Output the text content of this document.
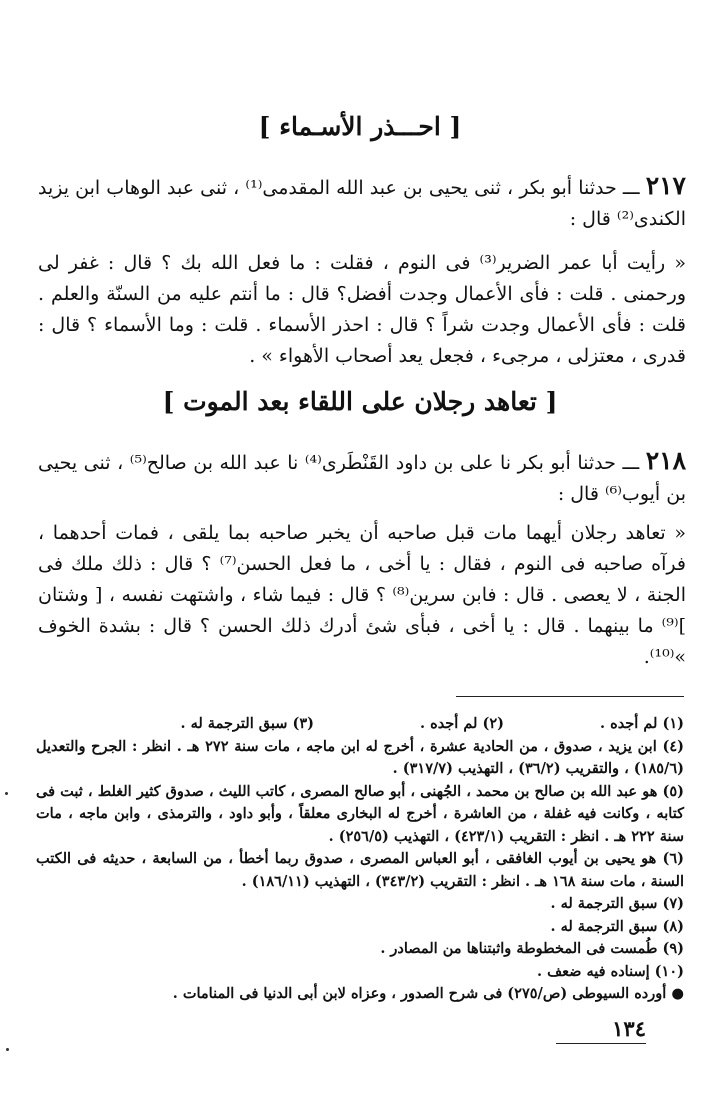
[ احـــذر الأسـماء ]
٢١٧ ـــ حدثنا أبو بكر ، ثنى يحيى بن عبد الله المقدمى⁽¹⁾ ، ثنى عبد الوهاب ابن يزيد الكندى⁽²⁾ قال :
« رأيت أبا عمر الضرير⁽³⁾ فى النوم ، فقلت : ما فعل الله بك ؟ قال : غفر لى ورحمنى . قلت : فأى الأعمال وجدت أفضل؟ قال : ما أنتم عليه من السنّة والعلم . قلت : فأى الأعمال وجدت شراً ؟ قال : احذر الأسماء . قلت : وما الأسماء ؟ قال : قدرى ، معتزلى ، مرجىء ، فجعل يعد أصحاب الأهواء » .
[ تعاهد رجلان على اللقاء بعد الموت ]
٢١٨ ـــ حدثنا أبو بكر نا على بن داود القَنْطَرى⁽⁴⁾ نا عبد الله بن صالح⁽⁵⁾ ، ثنى يحيى بن أيوب⁽⁶⁾ قال :
« تعاهد رجلان أيهما مات قبل صاحبه أن يخبر صاحبه بما يلقى ، فمات أحدهما ، فرآه صاحبه فى النوم ، فقال : يا أخى ، ما فعل الحسن⁽⁷⁾ ؟ قال : ذلك ملك فى الجنة ، لا يعصى . قال : فابن سرين⁽⁸⁾ ؟ قال : فيما شاء ، واشتهت نفسه ، [ وشتان ]⁽⁹⁾ ما بينهما . قال : يا أخى ، فبأى شئ أدرك ذلك الحسن ؟ قال : بشدة الخوف »⁽¹⁰⁾.
(١) لم أجده .
(٢) لم أجده .
(٣) سبق الترجمة له .
(٤) ابن يزيد ، صدوق ، من الحادية عشرة ، أخرج له ابن ماجه ، مات سنة ٢٧٢ هـ . انظر : الجرح والتعديل (١٨٥/٦) ، والتقريب (٣٦/٢) ، التهذيب (٣١٧/٧) .
(٥) هو عبد الله بن صالح بن محمد ، الجُهنى ، أبو صالح المصرى ، كاتب الليث ، صدوق كثير الغلط ، ثبت فى كتابه ، وكانت فيه غفلة ، من العاشرة ، أخرج له البخارى معلقاً ، وأبو داود ، والترمذى ، وابن ماجه ، مات سنة ٢٢٢ هـ . انظر : التقريب (٤٢٣/١) ، التهذيب (٢٥٦/٥) .
(٦) هو يحيى بن أيوب الغافقى ، أبو العباس المصرى ، صدوق ربما أخطأ ، من السابعة ، حديثه فى الكتب السنة ، مات سنة ١٦٨ هـ . انظر : التقريب (٣٤٣/٢) ، التهذيب (١٨٦/١١) .
(٧) سبق الترجمة له .
(٨) سبق الترجمة له .
(٩) طُمست فى المخطوطة واثبتناها من المصادر .
(١٠) إسناده فيه ضعف .
● أورده السيوطى (ص/٢٧٥) فى شرح الصدور ، وعزاه لابن أبى الدنيا فى المنامات .
١٣٤
